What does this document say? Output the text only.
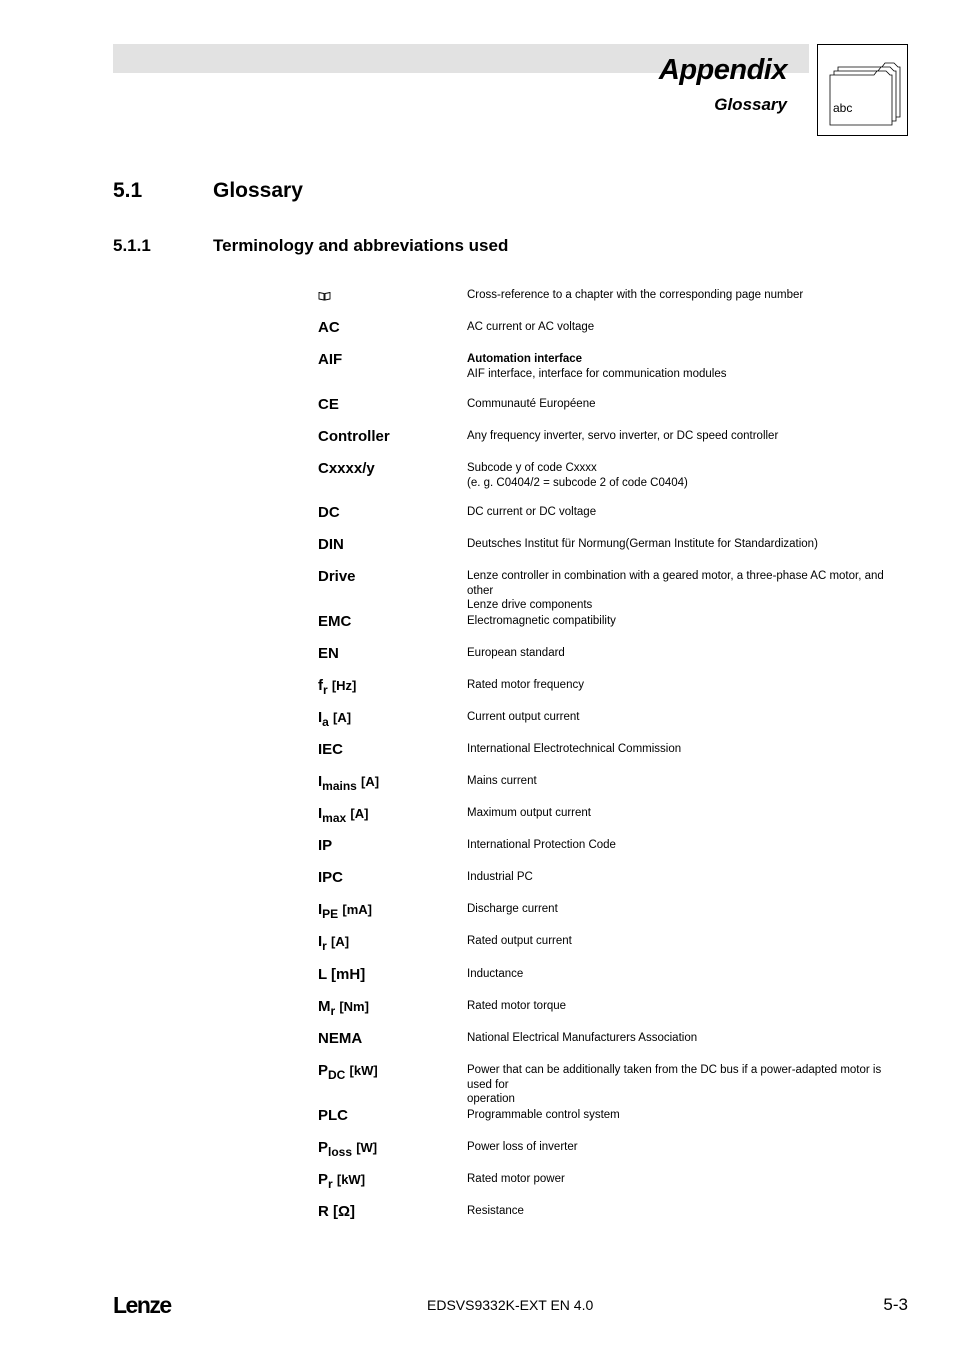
Appendix
Glossary	abc
5.1	Glossary
5.1.1	Terminology and abbreviations used
Cross-reference to a chapter with the corresponding page number
AC	AC current or AC voltage
AIF	Automation interface
AIF interface, interface for communication modules
CE	Communauté Européene
Controller	Any frequency inverter, servo inverter, or DC speed controller
Cxxxx/y	Subcode y of code Cxxxx
(e. g. C0404/2 = subcode 2 of code C0404)
DC	DC current or DC voltage
DIN	Deutsches Institut für Normung(German Institute for Standardization)
Drive	Lenze controller in combination with a geared motor, a three-phase AC motor, and other
Lenze drive components
EMC	Electromagnetic compatibility
EN	European standard
$f_r$ [Hz]	Rated motor frequency
$I_a$ [A]	Current output current
IEC	International Electrotechnical Commission
$I_{mains}$ [A]	Mains current
$I_{max}$ [A]	Maximum output current
IP	International Protection Code
IPC	Industrial PC
$I_{PE}$ [mA]	Discharge current
$I_r$ [A]	Rated output current
L [mH]	Inductance
$M_r$ [Nm]	Rated motor torque
NEMA	National Electrical Manufacturers Association
$P_{DC}$ [kW]	Power that can be additionally taken from the DC bus if a power-adapted motor is used for
operation
PLC	Programmable control system
$P_{loss}$ [W]	Power loss of inverter
$P_r$ [kW]	Rated motor power
R [Ω]	Resistance
Lenze	EDSVS9332K-EXT EN 4.0	5-3
